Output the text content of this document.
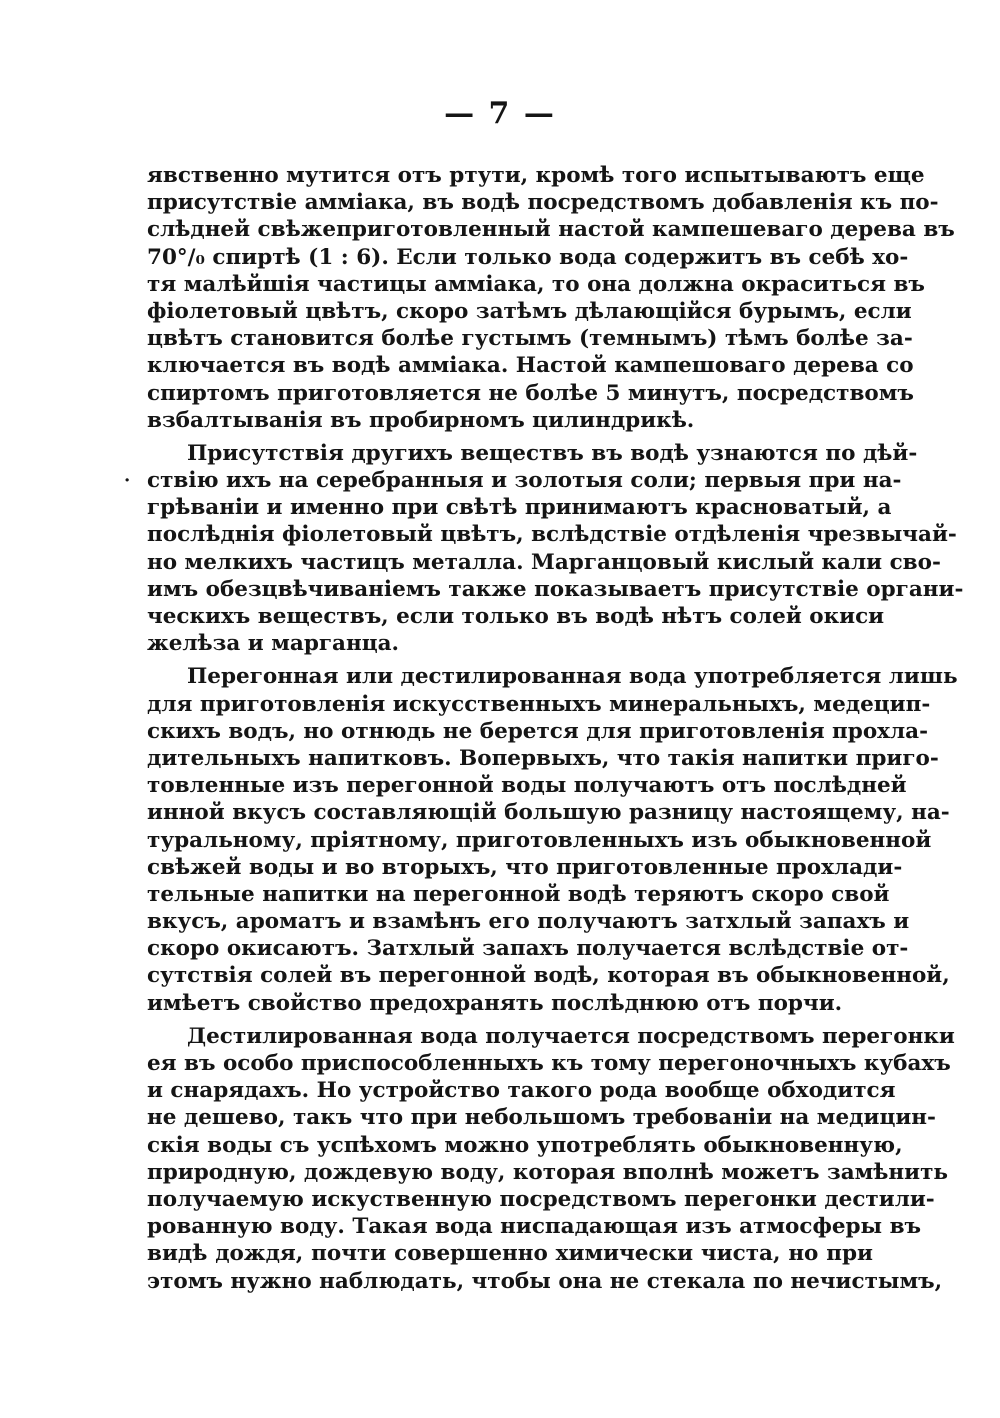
— 7 —
·
явственно мутится отъ ртути, кромѣ того испытываютъ еще
присутствiе амміака, въ водѣ посредствомъ добавленія къ по-
слѣдней свѣжеприготовленный настой кампешеваго дерева въ
70°/₀ спиртѣ (1 : 6). Если только вода содержитъ въ себѣ хо-
тя малѣйшія частицы амміака, то она должна окраситься въ
фіолетовый цвѣтъ, скоро затѣмъ дѣлающійся бурымъ, если
цвѣтъ становится болѣе густымъ (темнымъ) тѣмъ болѣе за-
ключается въ водѣ амміака. Настой кампешоваго дерева со
спиртомъ приготовляется не болѣе 5 минутъ, посредствомъ
взбалтыванія въ пробирномъ цилиндрикѣ.
Присутствія другихъ веществъ въ водѣ узнаются по дѣй-
ствію ихъ на серебранныя и золотыя соли; первыя при на-
грѣваніи и именно при свѣтѣ принимаютъ красноватый, а
послѣднія фіолетовый цвѣтъ, вслѣдствіе отдѣленія чрезвычай-
но мелкихъ частицъ металла. Марганцовый кислый кали сво-
имъ обезцвѣчиваніемъ также показываетъ присутствіе органи-
ческихъ веществъ, если только въ водѣ нѣтъ солей окиси
желѣза и марганца.
Перегонная или дестилированная вода употребляется лишь
для приготовленія искусственныхъ минеральныхъ, медецип-
скихъ водъ, но отнюдь не берется для приготовленія прохла-
дительныхъ напитковъ. Вопервыхъ, что такія напитки приго-
товленные изъ перегонной воды получаютъ отъ послѣдней
инной вкусъ составляющій большую разницу настоящему, на-
туральному, пріятному, приготовленныхъ изъ обыкновенной
свѣжей воды и во вторыхъ, что приготовленные прохлади-
тельные напитки на перегонной водѣ теряютъ скоро свой
вкусъ, ароматъ и взамѣнъ его получаютъ затхлый запахъ и
скоро окисаютъ. Затхлый запахъ получается вслѣдствіе от-
сутствія солей въ перегонной водѣ, которая въ обыкновенной,
имѣетъ свойство предохранять послѣднюю отъ порчи.
Дестилированная вода получается посредствомъ перегонки
ея въ особо приспособленныхъ къ тому перегоночныхъ кубахъ
и снарядахъ. Но устройство такого рода вообще обходится
не дешево, такъ что при небольшомъ требованіи на медицин-
скія воды съ успѣхомъ можно употреблять обыкновенную,
природную, дождевую воду, которая вполнѣ можетъ замѣнить
получаемую искуственную посредствомъ перегонки дестили-
рованную воду. Такая вода ниспадающая изъ атмосферы въ
видѣ дождя, почти совершенно химически чиста, но при
этомъ нужно наблюдать, чтобы она не стекала по нечистымъ,
